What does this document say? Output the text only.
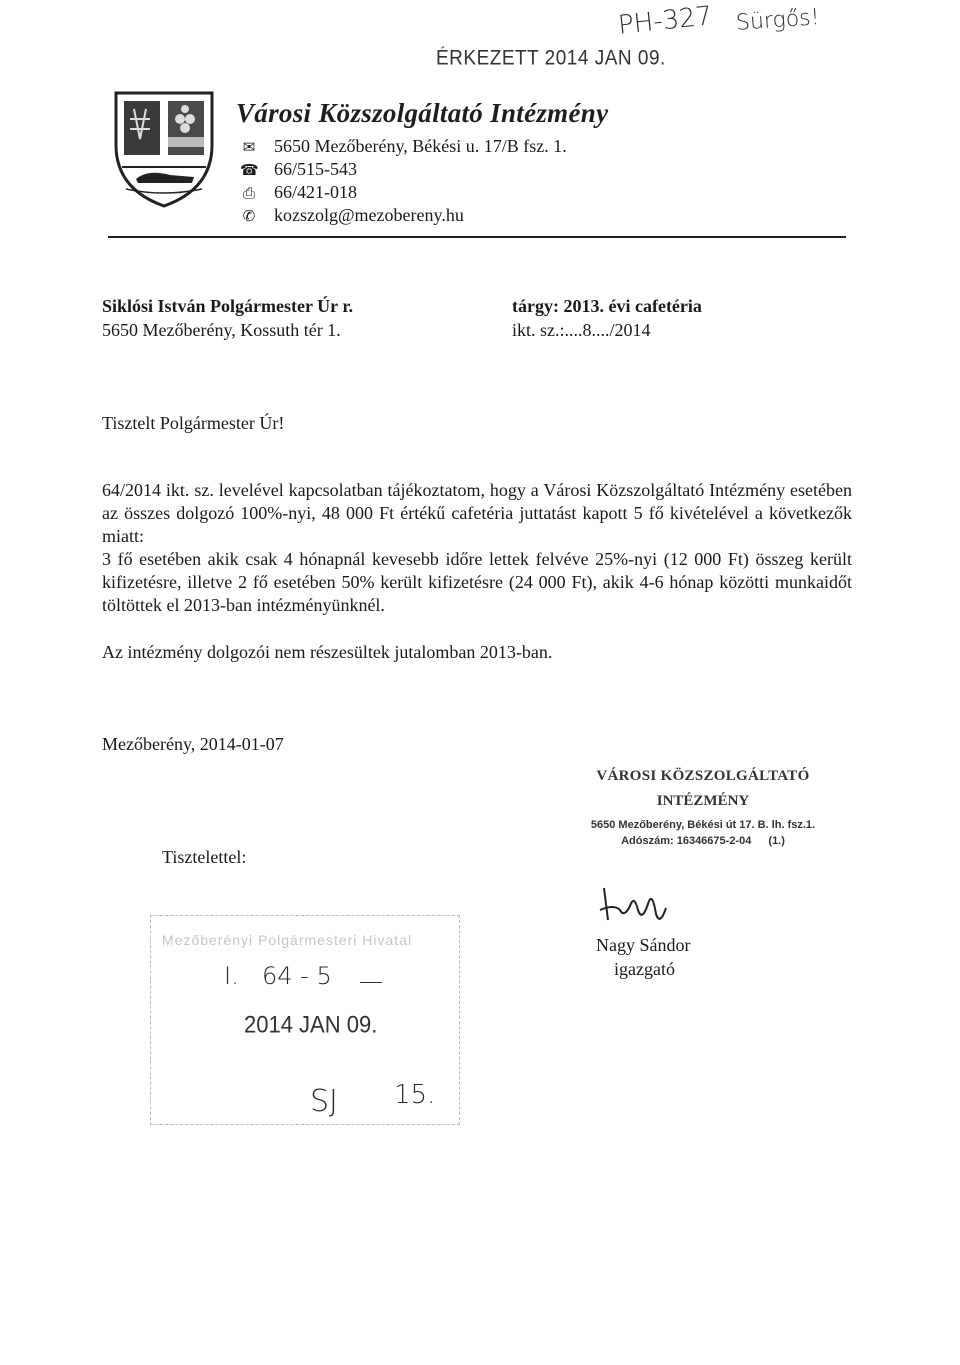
PH-327 Sürgős!
ÉRKEZETT 2014 JAN 09.
Városi Közszolgáltató Intézmény
✉ 5650 Mezőberény, Békési u. 17/B fsz. 1.
☎ 66/515-543
⎙ 66/421-018
✆ kozszolg@mezobereny.hu
Siklósi István Polgármester Úr r.
5650 Mezőberény, Kossuth tér 1.
tárgy: 2013. évi cafetéria
ikt. sz.:....8..../2014
Tisztelt Polgármester Úr!
64/2014 ikt. sz. levelével kapcsolatban tájékoztatom, hogy a Városi Közszolgáltató Intézmény esetében az összes dolgozó 100%-nyi, 48 000 Ft értékű cafetéria juttatást kapott 5 fő kivételével a következők miatt:
3 fő esetében akik csak 4 hónapnál kevesebb időre lettek felvéve 25%-nyi (12 000 Ft) összeg került kifizetésre, illetve 2 fő esetében 50% került kifizetésre (24 000 Ft), akik 4-6 hónap közötti munkaidőt töltöttek el 2013-ban intézményünknél.
Az intézmény dolgozói nem részesültek jutalomban 2013-ban.
Mezőberény, 2014-01-07
VÁROSI KÖZSZOLGÁLTATÓ
INTÉZMÉNY
5650 Mezőberény, Békési út 17. B. lh. fsz.1.
Adószám: 16346675-2-04 (1.)
Tisztelettel:
Nagy Sándor
igazgató
Mezőberényi Polgármesteri Hivatal
I. 64 - 5
2014 JAN 09.
SJ 15.
